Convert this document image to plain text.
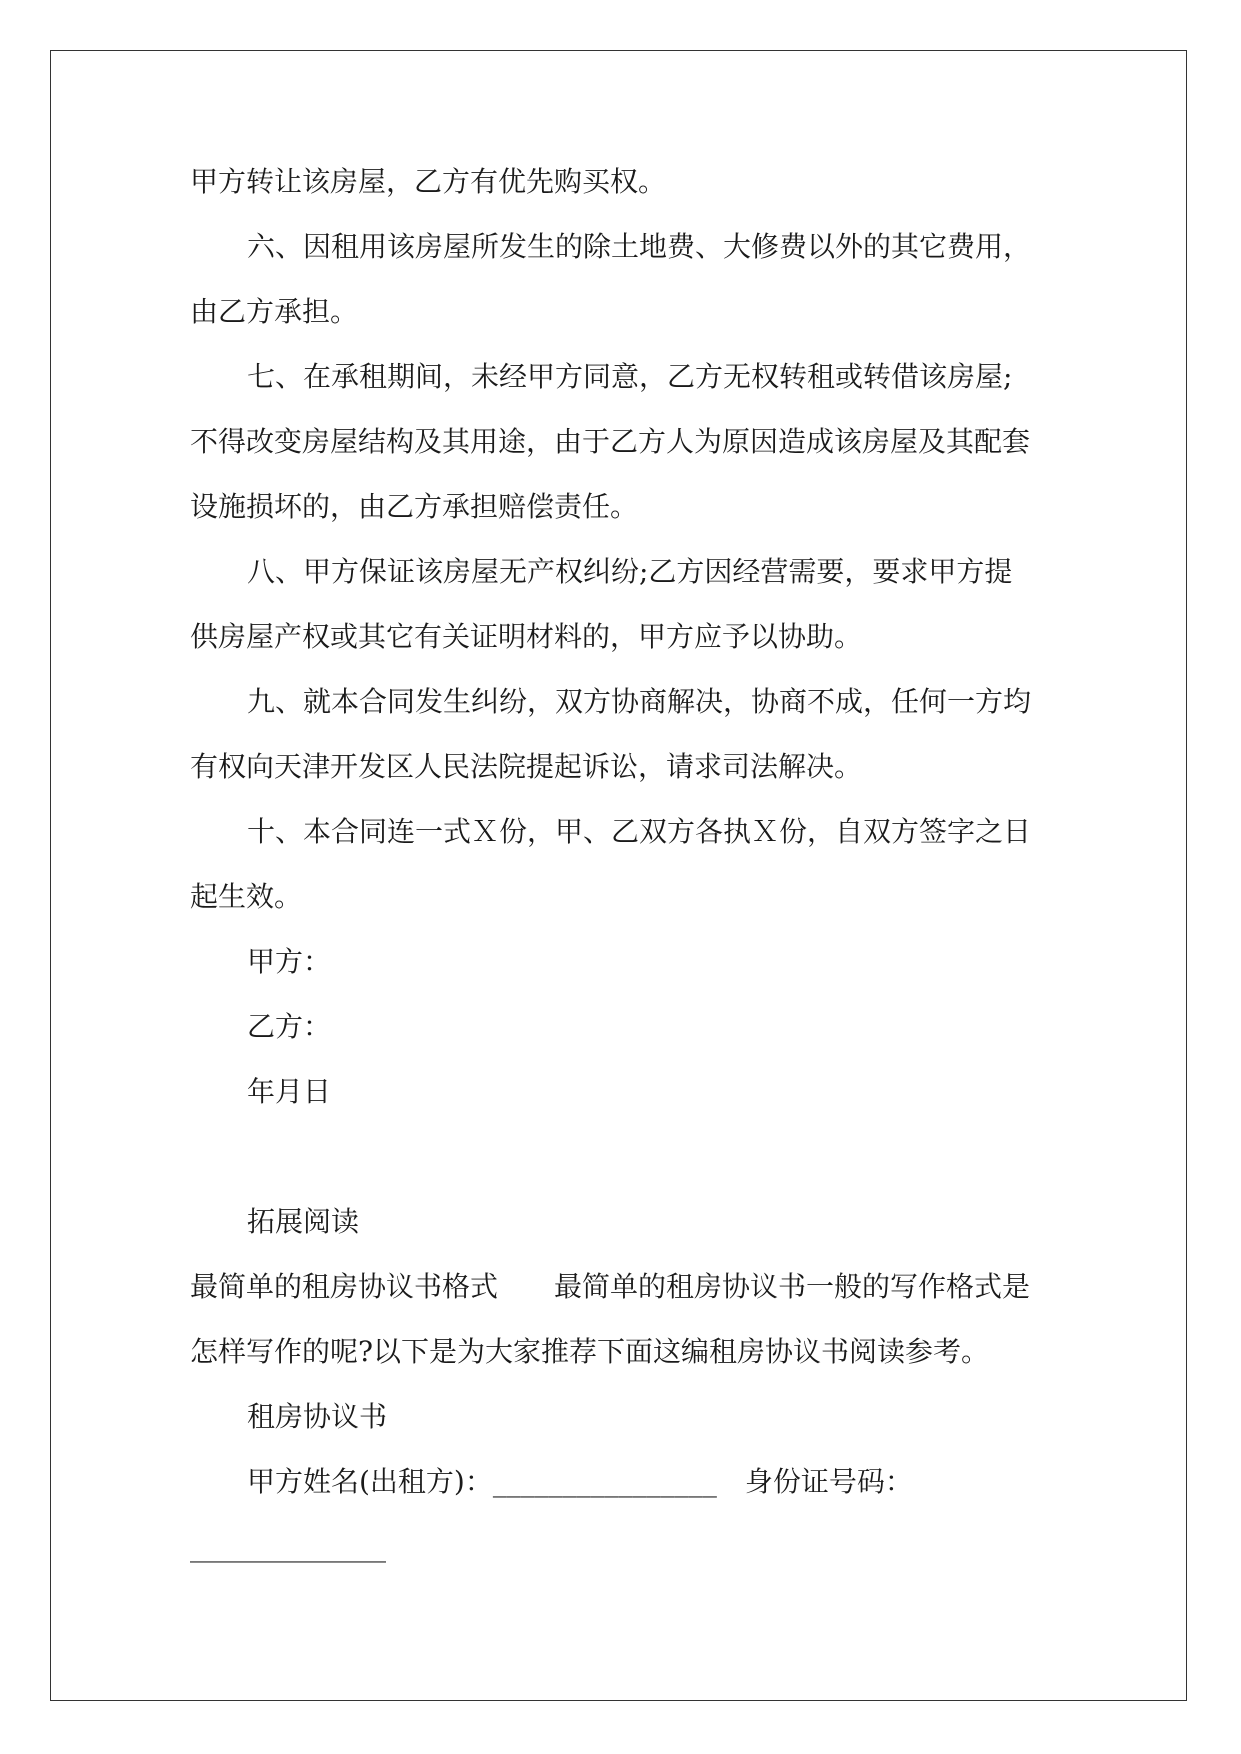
甲方转让该房屋，乙方有优先购买权。

六、因租用该房屋所发生的除土地费、大修费以外的其它费用，

由乙方承担。

七、在承租期间，未经甲方同意，乙方无权转租或转借该房屋;

不得改变房屋结构及其用途，由于乙方人为原因造成该房屋及其配套

设施损坏的，由乙方承担赔偿责任。

八、甲方保证该房屋无产权纠纷;乙方因经营需要，要求甲方提

供房屋产权或其它有关证明材料的，甲方应予以协助。

九、就本合同发生纠纷，双方协商解决，协商不成，任何一方均

有权向天津开发区人民法院提起诉讼，请求司法解决。

十、本合同连一式Ｘ份，甲、乙双方各执Ｘ份，自双方签字之日

起生效。

甲方：

乙方：

年月日

拓展阅读

最简单的租房协议书格式　　最简单的租房协议书一般的写作格式是

怎样写作的呢?以下是为大家推荐下面这编租房协议书阅读参考。

租房协议书

甲方姓名(出租方)：________________　身份证号码：

______________
